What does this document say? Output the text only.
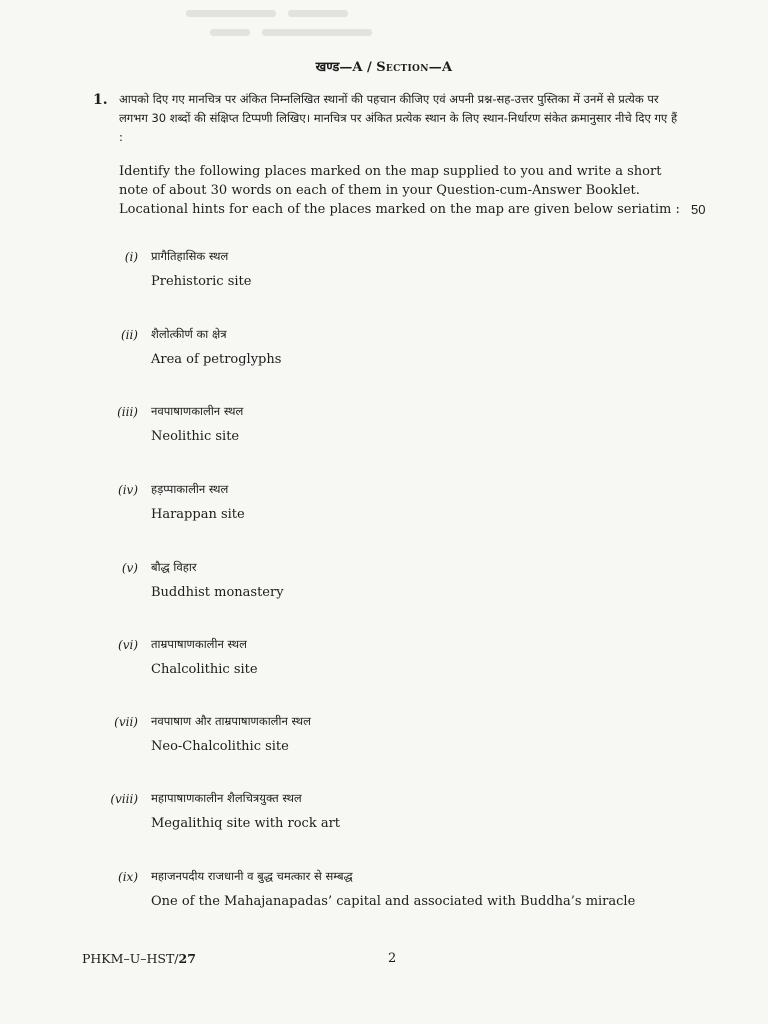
खण्ड—A / Section—A
1. आपको दिए गए मानचित्र पर अंकित निम्नलिखित स्थानों की पहचान कीजिए एवं अपनी प्रश्न-सह-उत्तर पुस्तिका में उनमें से प्रत्येक पर लगभग 30 शब्दों की संक्षिप्त टिप्पणी लिखिए। मानचित्र पर अंकित प्रत्येक स्थान के लिए स्थान-निर्धारण संकेत क्रमानुसार नीचे दिए गए हैं :
Identify the following places marked on the map supplied to you and write a short note of about 30 words on each of them in your Question-cum-Answer Booklet. Locational hints for each of the places marked on the map are given below seriatim : 50
(i) प्रागैतिहासिक स्थल
Prehistoric site
(ii) शैलोत्कीर्ण का क्षेत्र
Area of petroglyphs
(iii) नवपाषाणकालीन स्थल
Neolithic site
(iv) हड़प्पाकालीन स्थल
Harappan site
(v) बौद्ध विहार
Buddhist monastery
(vi) ताम्रपाषाणकालीन स्थल
Chalcolithic site
(vii) नवपाषाण और ताम्रपाषाणकालीन स्थल
Neo-Chalcolithic site
(viii) महापाषाणकालीन शैलचित्रयुक्त स्थल
Megalithiq site with rock art
(ix) महाजनपदीय राजधानी व बुद्ध चमत्कार से सम्बद्ध
One of the Mahajanapadas’ capital and associated with Buddha’s miracle
PHKM–U–HST/27	2
